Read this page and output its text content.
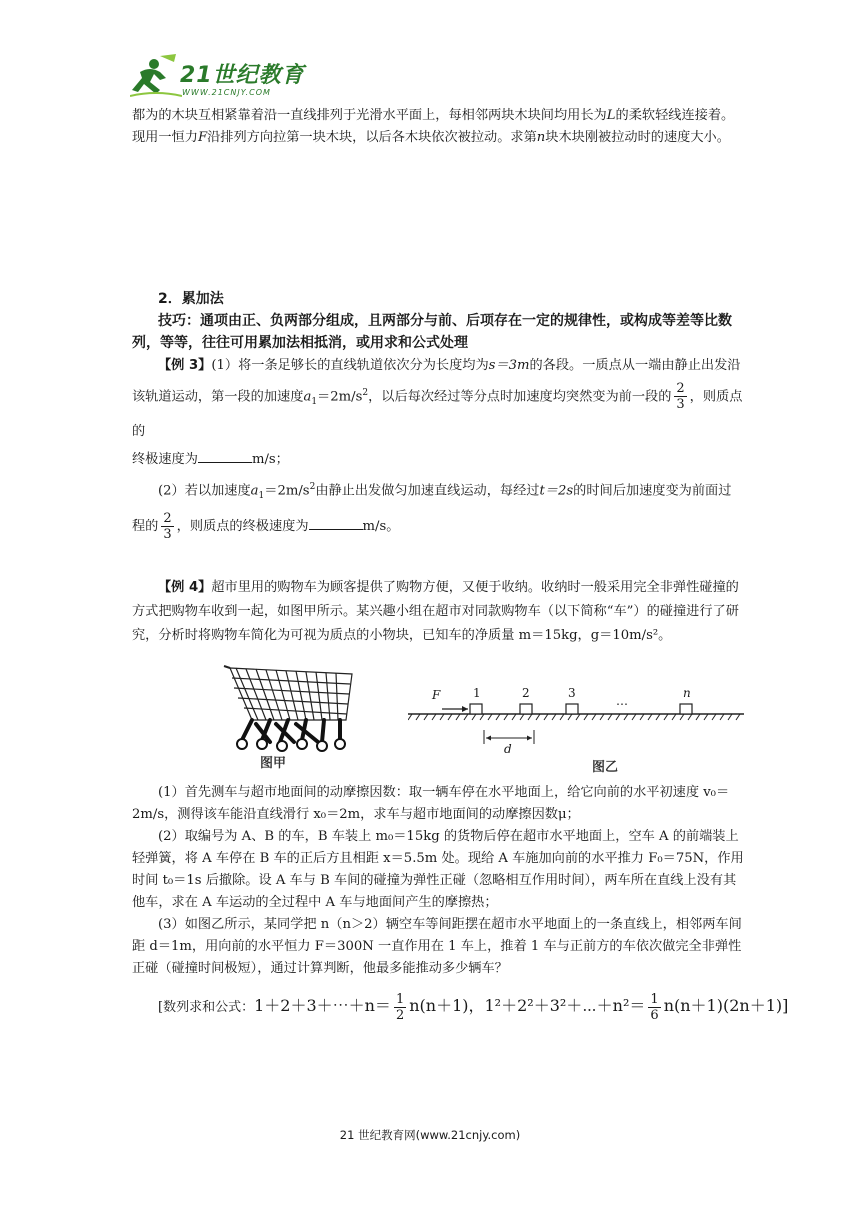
21世纪教育
WWW.21CNJY.COM
都为的木块互相紧靠着沿一直线排列于光滑水平面上，每相邻两块木块间均用长为L的柔软轻线连接着。
现用一恒力F沿排列方向拉第一块木块，以后各木块依次被拉动。求第n块木块刚被拉动时的速度大小。
2．累加法
技巧：通项由正、负两部分组成，且两部分与前、后项存在一定的规律性，或构成等差等比数列，等等，往往可用累加法相抵消，或用求和公式处理
【例 3】(1）将一条足够长的直线轨道依次分为长度均为s＝3m的各段。一质点从一端由静止出发沿
该轨道运动，第一段的加速度$a_1=2m/s^2$，以后每次经过等分点时加速度均突然变为前一段的 $\frac{2}{3}$ ，则质点的
终极速度为	m/s；
(2）若以加速度$a_1=2m/s^2$由静止出发做匀加速直线运动，每经过t＝2s的时间后加速度变为前面过
程的 $\frac{2}{3}$ ，则质点的终极速度为	m/s。
【例 4】超市里用的购物车为顾客提供了购物方便，又便于收纳。收纳时一般采用完全非弹性碰撞的方式把购物车收到一起，如图甲所示。某兴趣小组在超市对同款购物车（以下简称“车”）的碰撞进行了研究，分析时将购物车简化为可视为质点的小物块，已知车的净质量 m＝15kg，g＝10m/s²。
图甲
F	1	2	3
…
n
d
图乙
(1）首先测车与超市地面间的动摩擦因数：取一辆车停在水平地面上，给它向前的水平初速度 v₀＝2m/s，测得该车能沿直线滑行 x₀＝2m，求车与超市地面间的动摩擦因数μ；
(2）取编号为 A、B 的车，B 车装上 m₀＝15kg 的货物后停在超市水平地面上，空车 A 的前端装上轻弹簧，将 A 车停在 B 车的正后方且相距 x＝5.5m 处。现给 A 车施加向前的水平推力 F₀＝75N，作用时间 t₀＝1s 后撤除。设 A 车与 B 车间的碰撞为弹性正碰（忽略相互作用时间），两车所在直线上没有其他车，求在 A 车运动的全过程中 A 车与地面间产生的摩擦热；
(3）如图乙所示，某同学把 n（n＞2）辆空车等间距摆在超市水平地面上的一条直线上，相邻两车间距 d＝1m，用向前的水平恒力 F＝300N 一直作用在 1 车上，推着 1 车与正前方的车依次做完全非弹性正碰（碰撞时间极短），通过计算判断，他最多能推动多少辆车？
[数列求和公式：1＋2＋3＋⋯＋n＝ $\frac{1}{2} n(n+1)$，1²＋2²＋3²＋⋯＋n²＝ $\frac{1}{6} n(n+1)(2n+1)$]
21 世纪教育网(www.21cnjy.com)
